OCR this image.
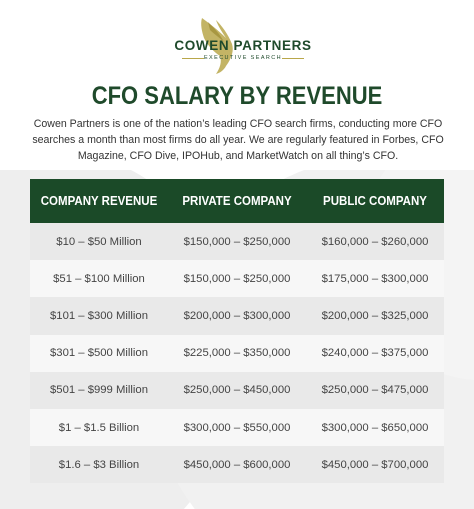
COWEN PARTNERS
EXECUTIVE SEARCH
CFO SALARY BY REVENUE
Cowen Partners is one of the nation’s leading CFO search firms, conducting more CFO searches a month than most firms do all year. We are regularly featured in Forbes, CFO Magazine, CFO Dive, IPOHub, and MarketWatch on all thing’s CFO.
COMPANY REVENUE	PRIVATE COMPANY	PUBLIC COMPANY
$10 – $50 Million	$150,000 – $250,000	$160,000 – $260,000
$51 – $100 Million	$150,000 – $250,000	$175,000 – $300,000
$101 – $300 Million	$200,000 – $300,000	$200,000 – $325,000
$301 – $500 Million	$225,000 – $350,000	$240,000 – $375,000
$501 – $999 Million	$250,000 – $450,000	$250,000 – $475,000
$1 – $1.5 Billion	$300,000 – $550,000	$300,000 – $650,000
$1.6 – $3 Billion	$450,000 – $600,000	$450,000 – $700,000
